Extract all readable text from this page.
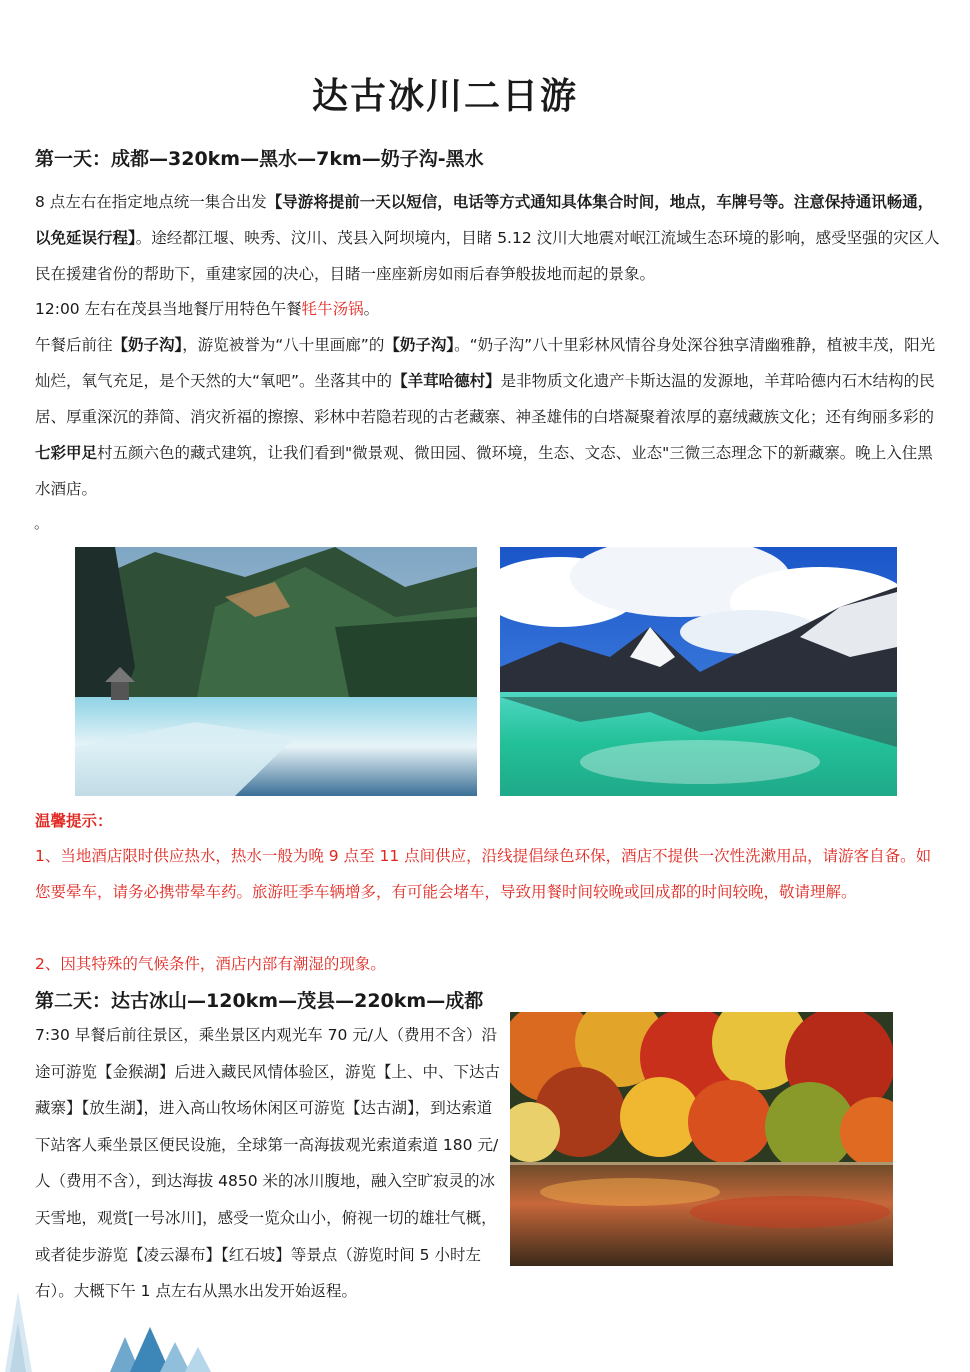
达古冰川二日游
第一天：成都—320km—黑水—7km—奶子沟-黑水
8 点左右在指定地点统一集合出发【导游将提前一天以短信，电话等方式通知具体集合时间，地点，车牌号等。注意保持通讯畅通，以免延误行程】。途经都江堰、映秀、汶川、茂县入阿坝境内，目睹 5.12 汶川大地震对岷江流域生态环境的影响，感受坚强的灾区人民在援建省份的帮助下，重建家园的决心，目睹一座座新房如雨后春笋般拔地而起的景象。
12:00 左右在茂县当地餐厅用特色午餐牦牛汤锅。
午餐后前往【奶子沟】，游览被誉为“八十里画廊”的【奶子沟】。“奶子沟”八十里彩林风情谷身处深谷独享清幽雅静，植被丰茂，阳光灿烂，氧气充足，是个天然的大“氧吧”。坐落其中的【羊茸哈德村】是非物质文化遗产卡斯达温的发源地，羊茸哈德内石木结构的民居、厚重深沉的莽简、消灾祈福的擦擦、彩林中若隐若现的古老藏寨、神圣雄伟的白塔凝聚着浓厚的嘉绒藏族文化；还有绚丽多彩的七彩甲足村五颜六色的藏式建筑，让我们看到"微景观、微田园、微环境，生态、文态、业态"三微三态理念下的新藏寨。晚上入住黑水酒店。
。
温馨提示：
1、当地酒店限时供应热水，热水一般为晚 9 点至 11 点间供应，沿线提倡绿色环保，酒店不提供一次性洗漱用品，请游客自备。如您要晕车，请务必携带晕车药。旅游旺季车辆增多，有可能会堵车，导致用餐时间较晚或回成都的时间较晚，敬请理解。
2、因其特殊的气候条件，酒店内部有潮湿的现象。
第二天：达古冰山—120km—茂县—220km—成都
7:30 早餐后前往景区，乘坐景区内观光车 70 元/人（费用不含）沿途可游览【金猴湖】后进入藏民风情体验区，游览【上、中、下达古藏寨】【放生湖】，进入高山牧场休闲区可游览【达古湖】，到达索道下站客人乘坐景区便民设施，全球第一高海拔观光索道索道 180 元/人（费用不含），到达海拔 4850 米的冰川腹地，融入空旷寂灵的冰天雪地，观赏[一号冰川]，感受一览众山小，俯视一切的雄壮气概，或者徒步游览【凌云瀑布】【红石坡】等景点（游览时间 5 小时左右）。大概下午 1 点左右从黑水出发开始返程。
